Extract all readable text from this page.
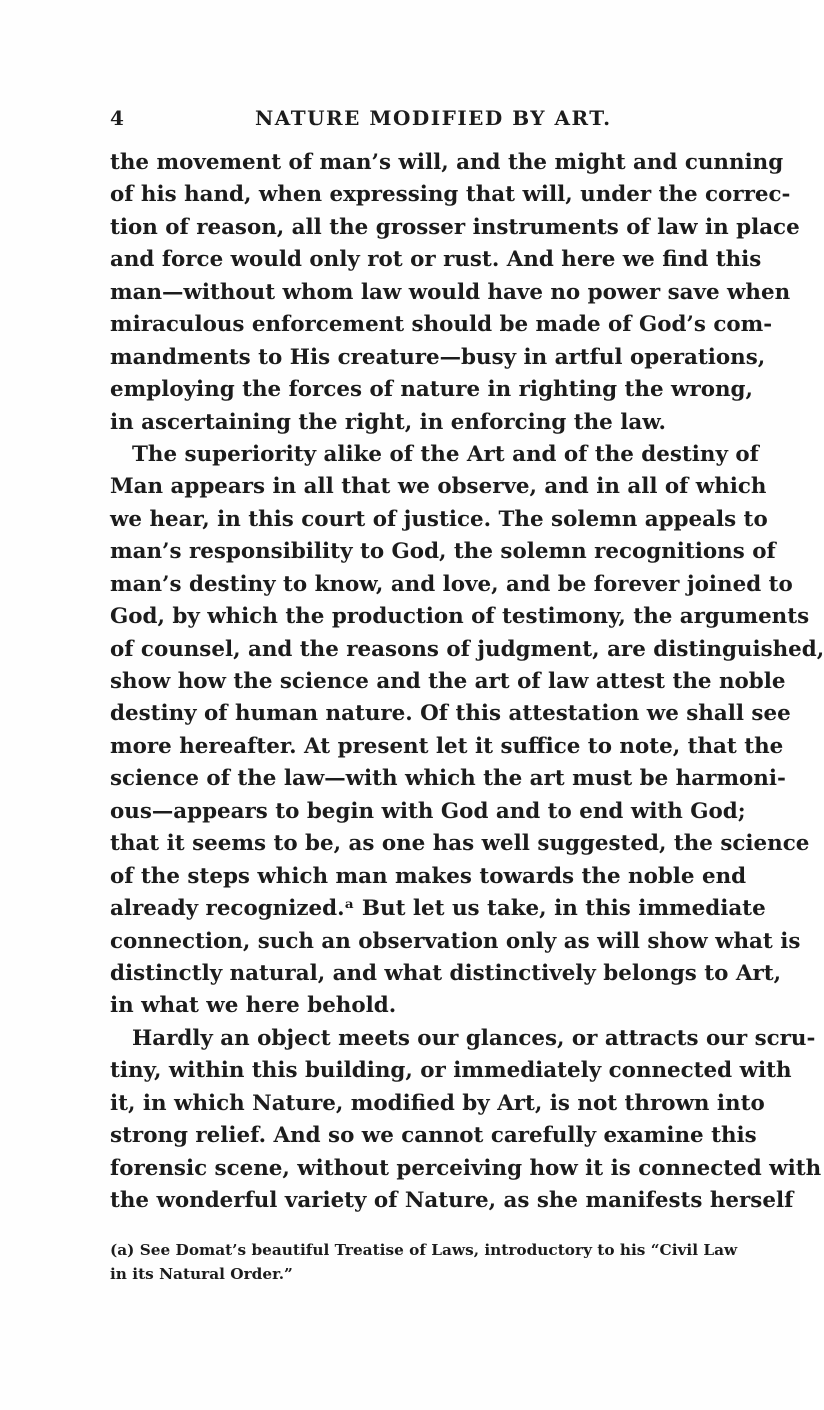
4	NATURE MODIFIED BY ART.
the movement of man’s will, and the might and cunning
of his hand, when expressing that will, under the correc-
tion of reason, all the grosser instruments of law in place
and force would only rot or rust. And here we find this
man—without whom law would have no power save when
miraculous enforcement should be made of God’s com-
mandments to His creature—busy in artful operations,
employing the forces of nature in righting the wrong,
in ascertaining the right, in enforcing the law.
The superiority alike of the Art and of the destiny of
Man appears in all that we observe, and in all of which
we hear, in this court of justice. The solemn appeals to
man’s responsibility to God, the solemn recognitions of
man’s destiny to know, and love, and be forever joined to
God, by which the production of testimony, the arguments
of counsel, and the reasons of judgment, are distinguished,
show how the science and the art of law attest the noble
destiny of human nature. Of this attestation we shall see
more hereafter. At present let it suffice to note, that the
science of the law—with which the art must be harmoni-
ous—appears to begin with God and to end with God;
that it seems to be, as one has well suggested, the science
of the steps which man makes towards the noble end
already recognized.ᵃ But let us take, in this immediate
connection, such an observation only as will show what is
distinctly natural, and what distinctively belongs to Art,
in what we here behold.
Hardly an object meets our glances, or attracts our scru-
tiny, within this building, or immediately connected with
it, in which Nature, modified by Art, is not thrown into
strong relief. And so we cannot carefully examine this
forensic scene, without perceiving how it is connected with
the wonderful variety of Nature, as she manifests herself
(a) See Domat’s beautiful Treatise of Laws, introductory to his “Civil Law
in its Natural Order.”
